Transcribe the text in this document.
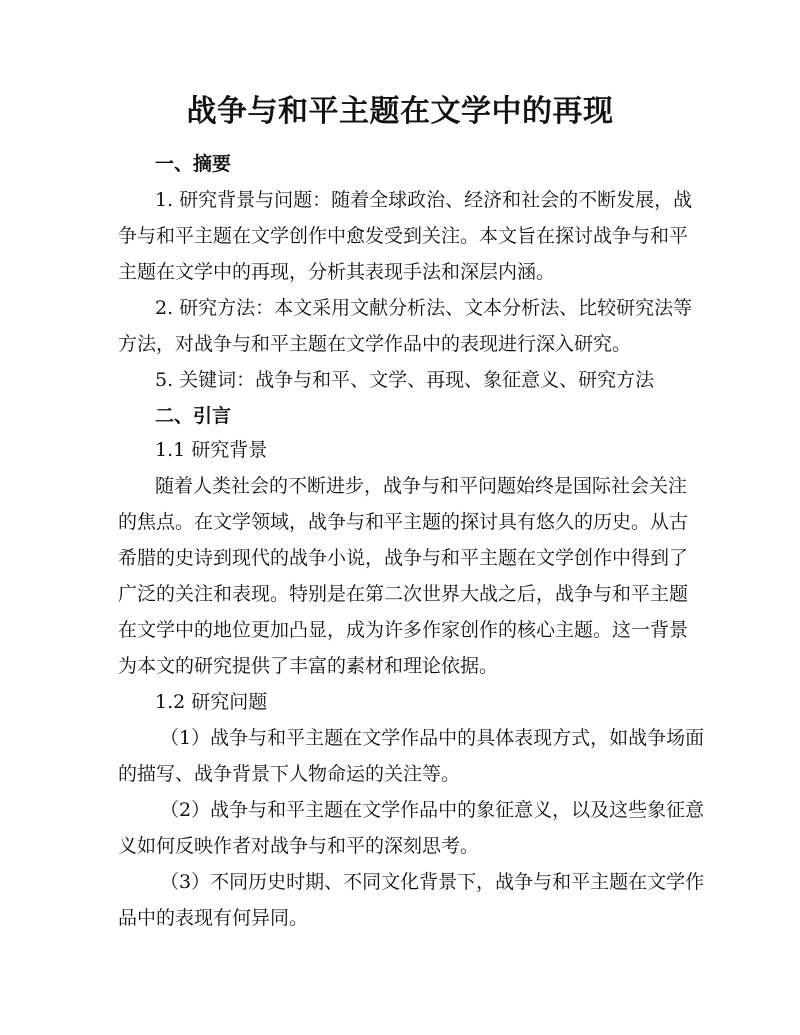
战争与和平主题在文学中的再现
一、摘要
1. 研究背景与问题：随着全球政治、经济和社会的不断发展，战
争与和平主题在文学创作中愈发受到关注。本文旨在探讨战争与和平
主题在文学中的再现，分析其表现手法和深层内涵。
2. 研究方法：本文采用文献分析法、文本分析法、比较研究法等
方法，对战争与和平主题在文学作品中的表现进行深入研究。
5. 关键词：战争与和平、文学、再现、象征意义、研究方法
二、引言
1.1 研究背景
随着人类社会的不断进步，战争与和平问题始终是国际社会关注
的焦点。在文学领域，战争与和平主题的探讨具有悠久的历史。从古
希腊的史诗到现代的战争小说，战争与和平主题在文学创作中得到了
广泛的关注和表现。特别是在第二次世界大战之后，战争与和平主题
在文学中的地位更加凸显，成为许多作家创作的核心主题。这一背景
为本文的研究提供了丰富的素材和理论依据。
1.2 研究问题
（1）战争与和平主题在文学作品中的具体表现方式，如战争场面
的描写、战争背景下人物命运的关注等。
（2）战争与和平主题在文学作品中的象征意义，以及这些象征意
义如何反映作者对战争与和平的深刻思考。
（3）不同历史时期、不同文化背景下，战争与和平主题在文学作
品中的表现有何异同。
